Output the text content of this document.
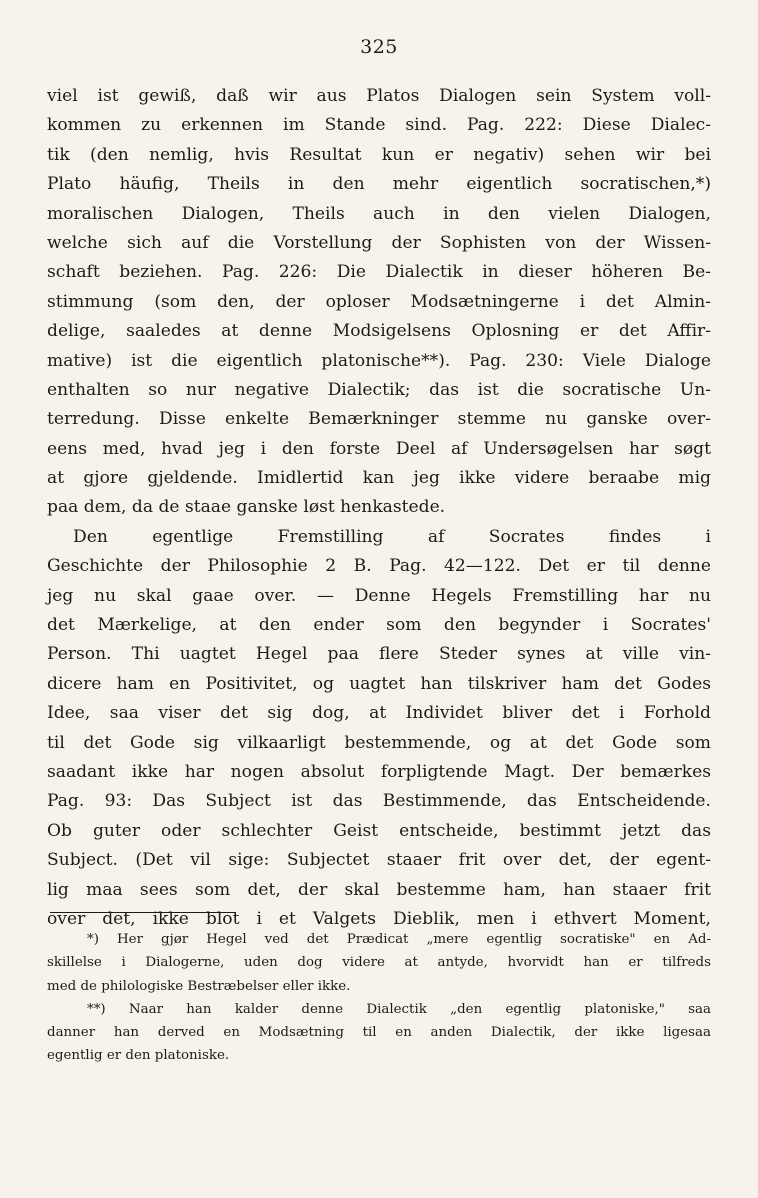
325
viel ist gewiß, daß wir aus Platos Dialogen sein System voll-
kommen zu erkennen im Stande sind. Pag. 222: Diese Dialec-
tik (den nemlig, hvis Resultat kun er negativ) sehen wir bei
Plato häufig, Theils in den mehr eigentlich socratischen,*)
moralischen Dialogen, Theils auch in den vielen Dialogen,
welche sich auf die Vorstellung der Sophisten von der Wissen-
schaft beziehen. Pag. 226: Die Dialectik in dieser höheren Be-
stimmung (som den, der oploser Modsætningerne i det Almin-
delige, saaledes at denne Modsigelsens Oplosning er det Affir-
mative) ist die eigentlich platonische**). Pag. 230: Viele Dialoge
enthalten so nur negative Dialectik; das ist die socratische Un-
terredung. Disse enkelte Bemærkninger stemme nu ganske over-
eens med, hvad jeg i den forste Deel af Undersøgelsen har søgt
at gjore gjeldende. Imidlertid kan jeg ikke videre beraabe mig
paa dem, da de staae ganske løst henkastede.
Den egentlige Fremstilling af Socrates findes i
Geschichte der Philosophie 2 B. Pag. 42—122. Det er til denne
jeg nu skal gaae over. — Denne Hegels Fremstilling har nu
det Mærkelige, at den ender som den begynder i Socrates'
Person. Thi uagtet Hegel paa flere Steder synes at ville vin-
dicere ham en Positivitet, og uagtet han tilskriver ham det Godes
Idee, saa viser det sig dog, at Individet bliver det i Forhold
til det Gode sig vilkaarligt bestemmende, og at det Gode som
saadant ikke har nogen absolut forpligtende Magt. Der bemærkes
Pag. 93: Das Subject ist das Bestimmende, das Entscheidende.
Ob guter oder schlechter Geist entscheide, bestimmt jetzt das
Subject. (Det vil sige: Subjectet staaer frit over det, der egent-
lig maa sees som det, der skal bestemme ham, han staaer frit
over det, ikke blot i et Valgets Dieblik, men i ethvert Moment,
*) Her gjør Hegel ved det Prædicat „mere egentlig socratiske" en Ad-
skillelse i Dialogerne, uden dog videre at antyde, hvorvidt han er tilfreds
med de philologiske Bestræbelser eller ikke.
**) Naar han kalder denne Dialectik „den egentlig platoniske," saa
danner han derved en Modsætning til en anden Dialectik, der ikke ligesaa
egentlig er den platoniske.
